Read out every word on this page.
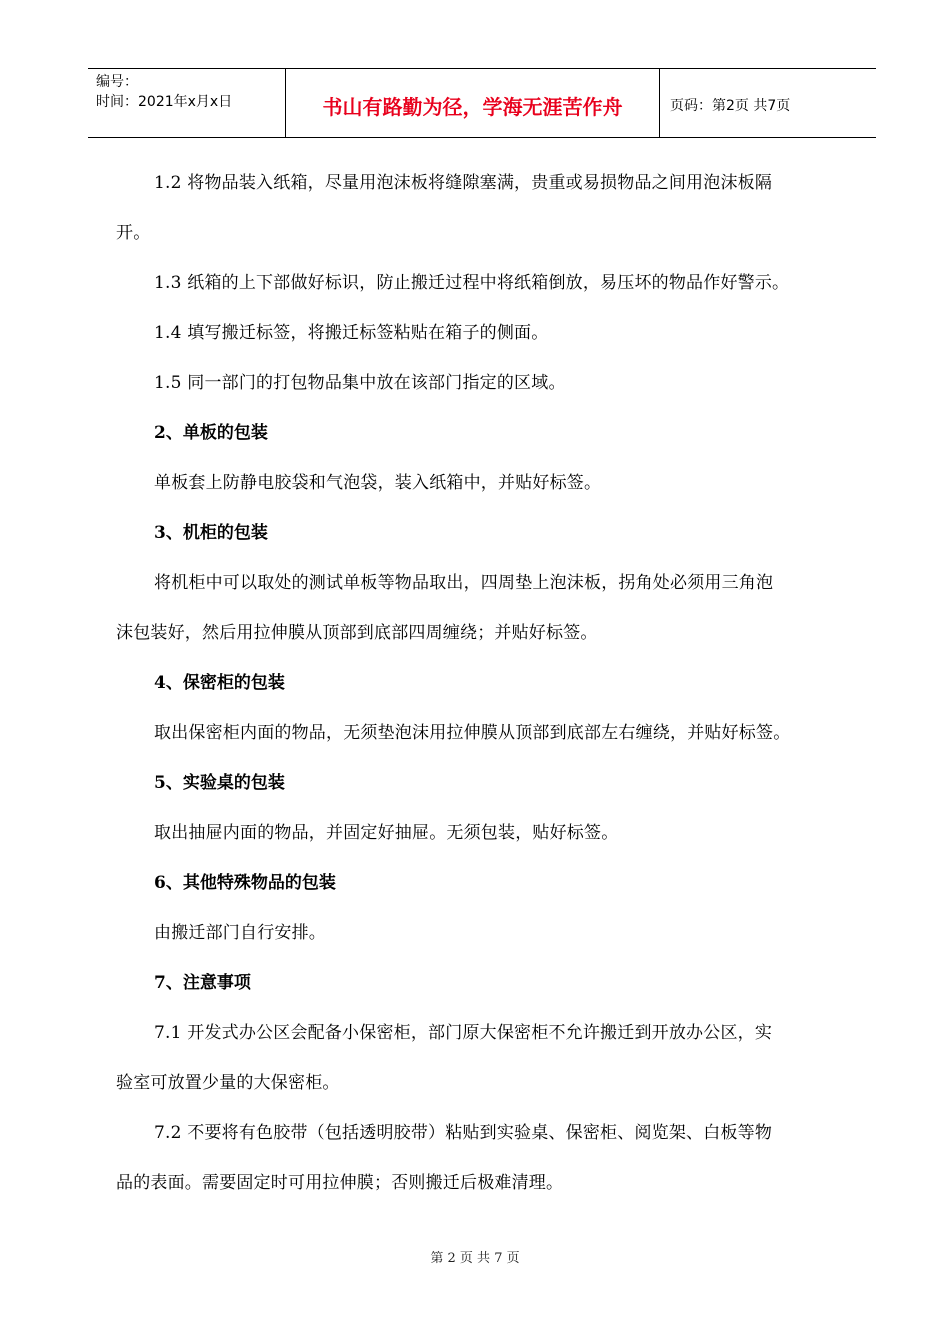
编号：
时间：2021年x月x日	书山有路勤为径，学海无涯苦作舟	页码：第2页 共7页

1.2 将物品装入纸箱，尽量用泡沫板将缝隙塞满，贵重或易损物品之间用泡沫板隔

开。

1.3 纸箱的上下部做好标识，防止搬迁过程中将纸箱倒放，易压坏的物品作好警示。

1.4 填写搬迁标签，将搬迁标签粘贴在箱子的侧面。

1.5 同一部门的打包物品集中放在该部门指定的区域。

2、单板的包装

单板套上防静电胶袋和气泡袋，装入纸箱中，并贴好标签。

3、机柜的包装

将机柜中可以取处的测试单板等物品取出，四周垫上泡沫板，拐角处必须用三角泡

沫包装好，然后用拉伸膜从顶部到底部四周缠绕；并贴好标签。

4、保密柜的包装

取出保密柜内面的物品，无须垫泡沫用拉伸膜从顶部到底部左右缠绕，并贴好标签。

5、实验桌的包装

取出抽屉内面的物品，并固定好抽屉。无须包装，贴好标签。

6、其他特殊物品的包装

由搬迁部门自行安排。

7、注意事项

7.1 开发式办公区会配备小保密柜，部门原大保密柜不允许搬迁到开放办公区，实

验室可放置少量的大保密柜。

7.2 不要将有色胶带（包括透明胶带）粘贴到实验桌、保密柜、阅览架、白板等物

品的表面。需要固定时可用拉伸膜；否则搬迁后极难清理。

第 2 页 共 7 页
